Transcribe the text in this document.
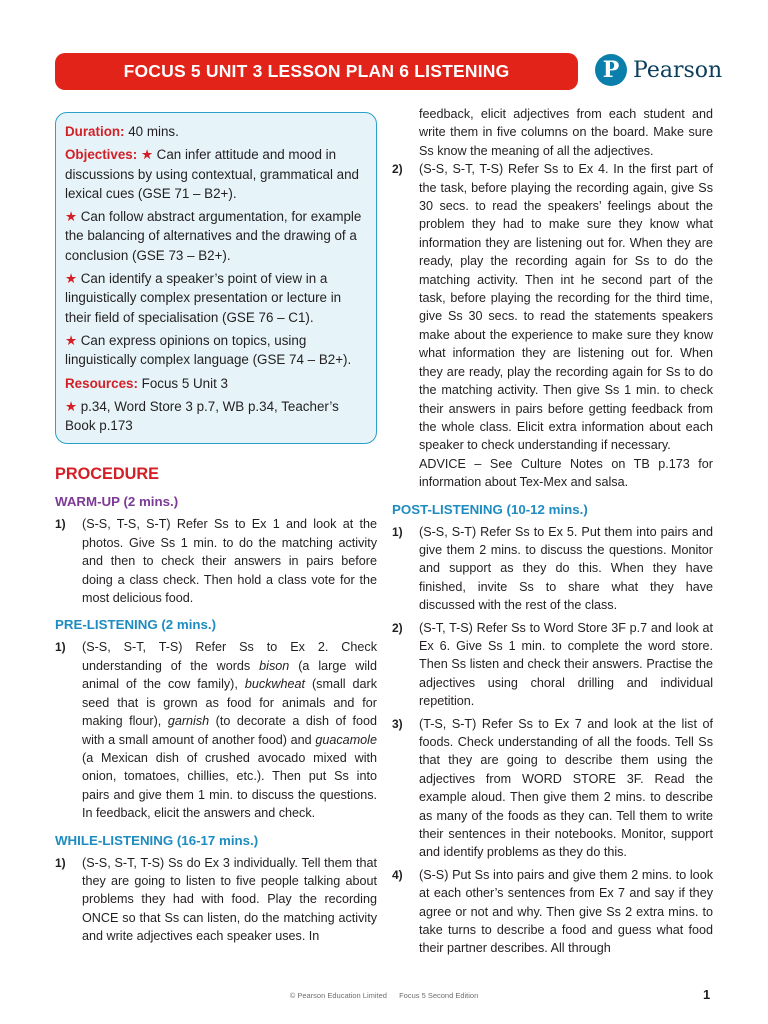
FOCUS 5 UNIT 3 LESSON PLAN 6 LISTENING	P Pearson

Duration: 40 mins.

Objectives: ★ Can infer attitude and mood in discussions by using contextual, grammatical and lexical cues (GSE 71 – B2+).

★ Can follow abstract argumentation, for example the balancing of alternatives and the drawing of a conclusion (GSE 73 – B2+).

★ Can identify a speaker’s point of view in a linguistically complex presentation or lecture in their field of specialisation (GSE 76 – C1).

★ Can express opinions on topics, using linguistically complex language (GSE 74 – B2+).

Resources: Focus 5 Unit 3

★ p.34, Word Store 3 p.7, WB p.34, Teacher’s Book p.173

PROCEDURE
WARM-UP (2 mins.)
1)	(S-S, T-S, S-T) Refer Ss to Ex 1 and look at the photos. Give Ss 1 min. to do the matching activity and then to check their answers in pairs before doing a class check. Then hold a class vote for the most delicious food.
PRE-LISTENING (2 mins.)
1)	(S-S, S-T, T-S) Refer Ss to Ex 2. Check understanding of the words bison (a large wild animal of the cow family), buckwheat (small dark seed that is grown as food for animals and for making flour), garnish (to decorate a dish of food with a small amount of another food) and guacamole (a Mexican dish of crushed avocado mixed with onion, tomatoes, chillies, etc.). Then put Ss into pairs and give them 1 min. to discuss the questions. In feedback, elicit the answers and check.
WHILE-LISTENING (16-17 mins.)
1)	(S-S, S-T, T-S) Ss do Ex 3 individually. Tell them that they are going to listen to five people talking about problems they had with food. Play the recording ONCE so that Ss can listen, do the matching activity and write adjectives each speaker uses. In
feedback, elicit adjectives from each student and write them in five columns on the board. Make sure Ss know the meaning of all the adjectives.
2)	(S-S, S-T, T-S) Refer Ss to Ex 4. In the first part of the task, before playing the recording again, give Ss 30 secs. to read the speakers’ feelings about the problem they had to make sure they know what information they are listening out for. When they are ready, play the recording again for Ss to do the matching activity. Then int he second part of the task, before playing the recording for the third time, give Ss 30 secs. to read the statements speakers make about the experience to make sure they know what information they are listening out for. When they are ready, play the recording again for Ss to do the matching activity. Then give Ss 1 min. to check their answers in pairs before getting feedback from the whole class. Elicit extra information about each speaker to check understanding if necessary.
ADVICE – See Culture Notes on TB p.173 for information about Tex-Mex and salsa.
POST-LISTENING (10-12 mins.)
1)	(S-S, S-T) Refer Ss to Ex 5. Put them into pairs and give them 2 mins. to discuss the questions. Monitor and support as they do this. When they have finished, invite Ss to share what they have discussed with the rest of the class.
2)	(S-T, T-S) Refer Ss to Word Store 3F p.7 and look at Ex 6. Give Ss 1 min. to complete the word store. Then Ss listen and check their answers. Practise the adjectives using choral drilling and individual repetition.
3)	(T-S, S-T) Refer Ss to Ex 7 and look at the list of foods. Check understanding of all the foods. Tell Ss that they are going to describe them using the adjectives from WORD STORE 3F. Read the example aloud. Then give them 2 mins. to describe as many of the foods as they can. Tell them to write their sentences in their notebooks. Monitor, support and identify problems as they do this.
4)	(S-S) Put Ss into pairs and give them 2 mins. to look at each other’s sentences from Ex 7 and say if they agree or not and why. Then give Ss 2 extra mins. to take turns to describe a food and guess what food their partner describes. All through
© Pearson Education Limited Focus 5 Second Edition	1
